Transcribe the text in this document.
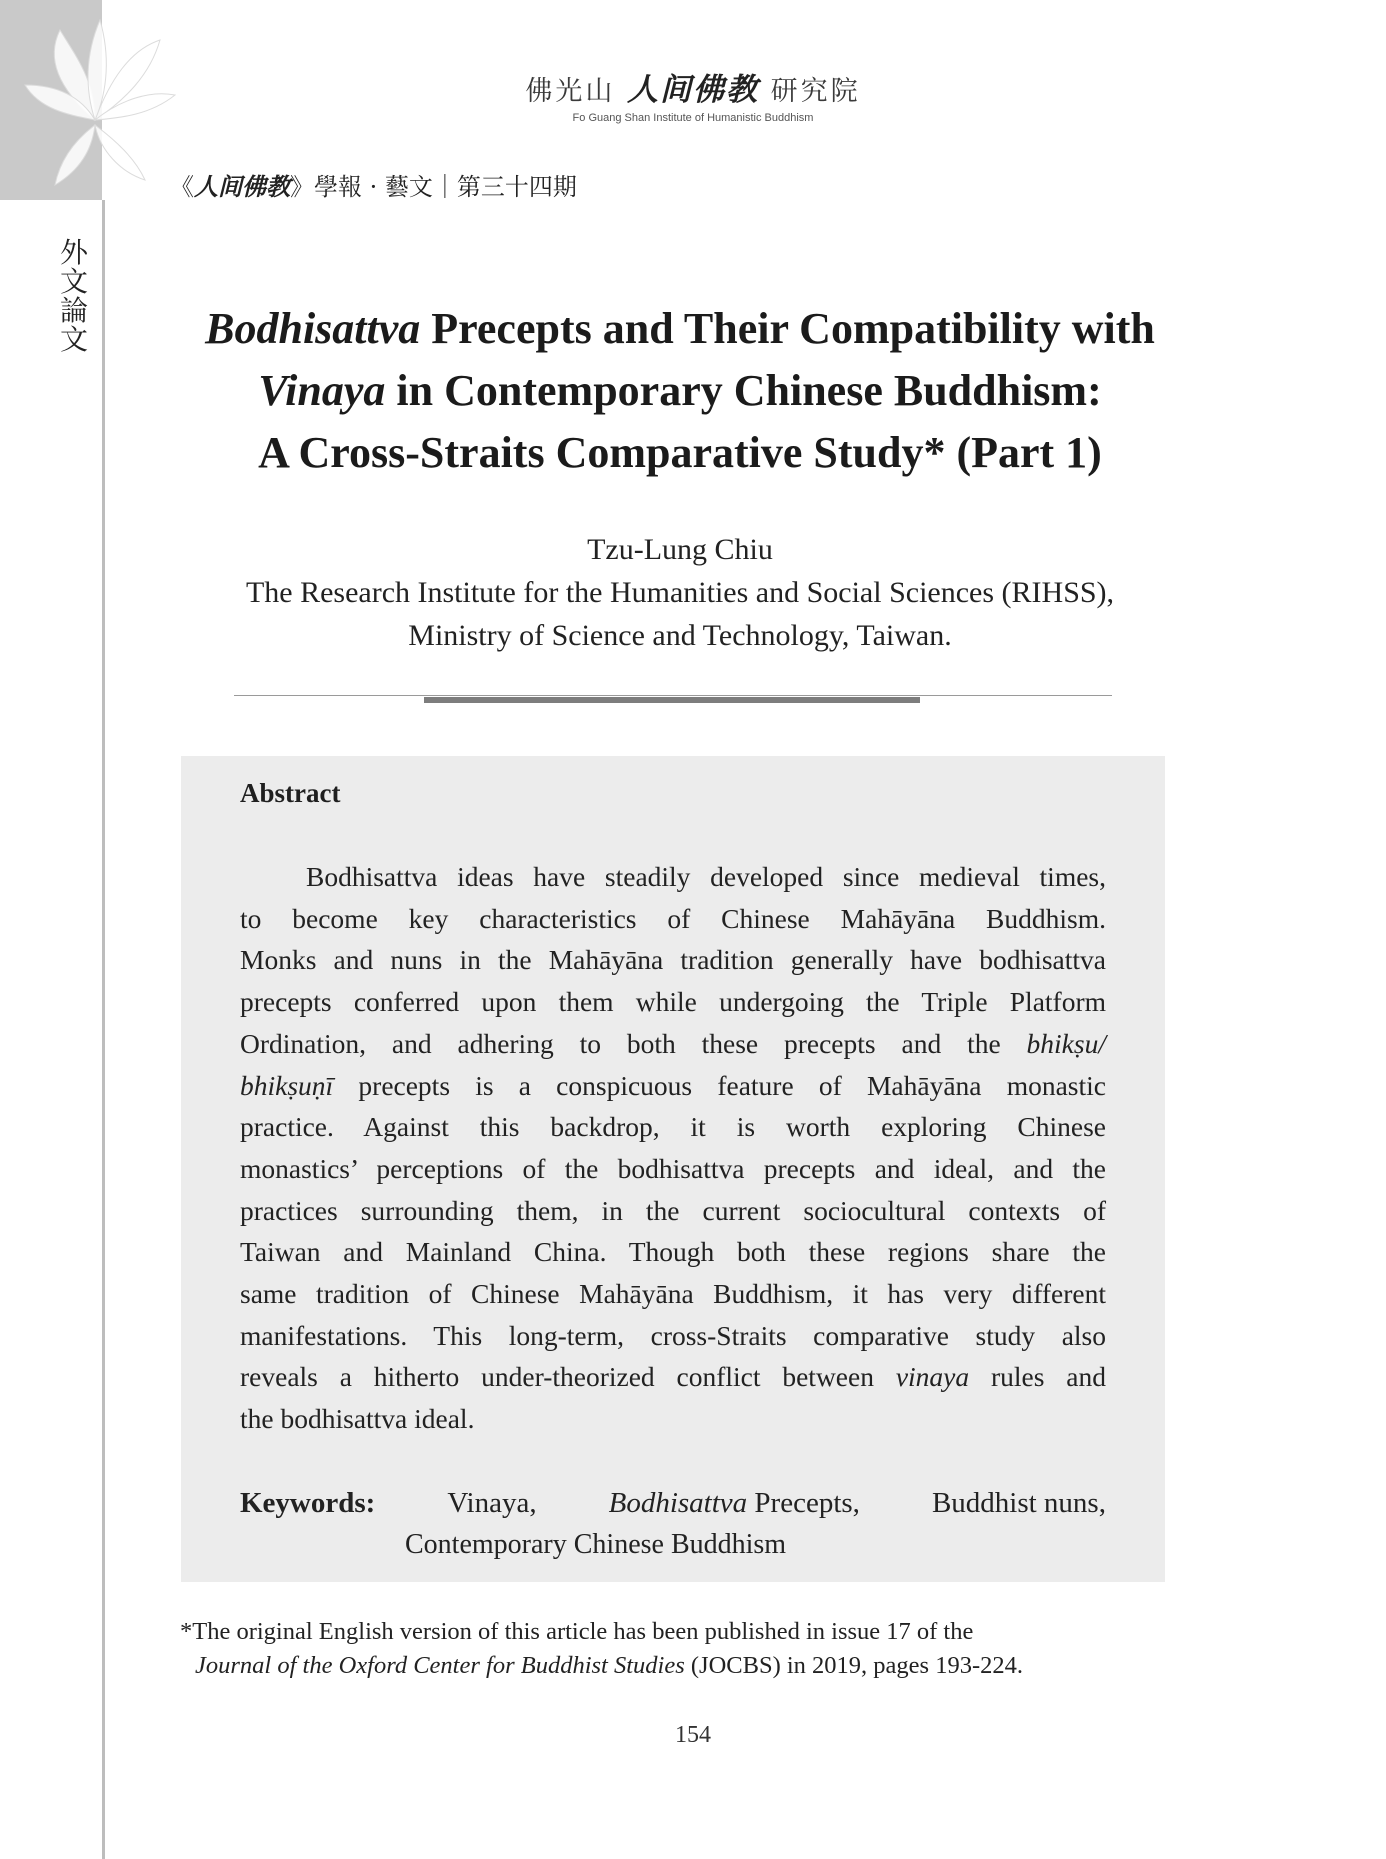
外
文
論
文
佛光山 人间佛教 研究院
Fo Guang Shan Institute of Humanistic Buddhism
《人间佛教》學報 · 藝文｜第三十四期
Bodhisattva Precepts and Their Compatibility with
Vinaya in Contemporary Chinese Buddhism:
A Cross-Straits Comparative Study* (Part 1)
Tzu-Lung Chiu
The Research Institute for the Humanities and Social Sciences (RIHSS),
Ministry of Science and Technology, Taiwan.
Abstract
Bodhisattva ideas have steadily developed since medieval times,
to become key characteristics of Chinese Mahāyāna Buddhism.
Monks and nuns in the Mahāyāna tradition generally have bodhisattva
precepts conferred upon them while undergoing the Triple Platform
Ordination, and adhering to both these precepts and the bhikṣu/
bhikṣuṇī precepts is a conspicuous feature of Mahāyāna monastic
practice. Against this backdrop, it is worth exploring Chinese
monastics’ perceptions of the bodhisattva precepts and ideal, and the
practices surrounding them, in the current sociocultural contexts of
Taiwan and Mainland China. Though both these regions share the
same tradition of Chinese Mahāyāna Buddhism, it has very different
manifestations. This long-term, cross-Straits comparative study also
reveals a hitherto under-theorized conflict between vinaya rules and
the bodhisattva ideal.
Keywords: Vinaya, Bodhisattva Precepts, Buddhist nuns,
Contemporary Chinese Buddhism
*The original English version of this article has been published in issue 17 of the
Journal of the Oxford Center for Buddhist Studies (JOCBS) in 2019, pages 193-224.
154
